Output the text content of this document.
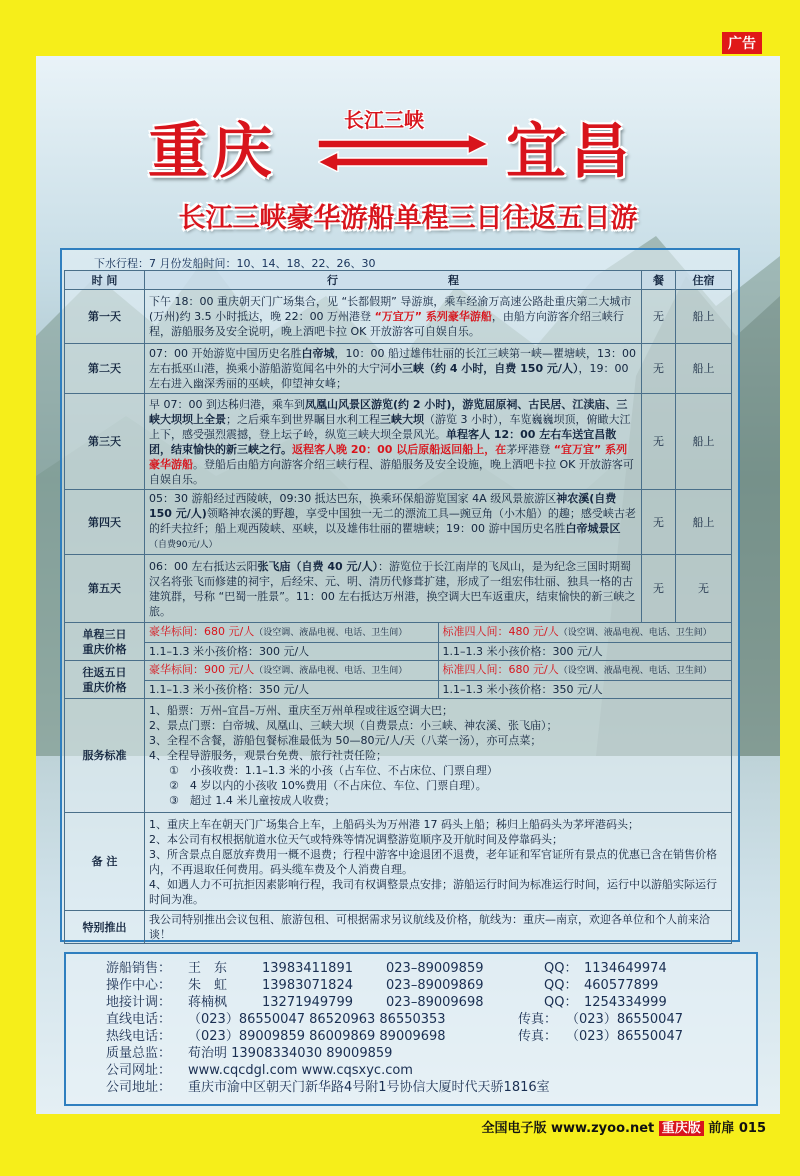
广告
重庆	长江三峡 宜昌
长江三峡豪华游船单程三日往返五日游
下水行程：7 月份发船时间：10、14、18、22、26、30
时 间	行　　　　　　　　　　程	餐	住宿
第一天	下午 18：00 重庆朝天门广场集合，见 “长都假期” 导游旗，乘车经渝万高速公路赴重庆第二大城市(万州)约 3.5 小时抵达，晚 22：00 万州港登 “万宜万” 系列豪华游船，由船方向游客介绍三峡行程，游船服务及安全说明，晚上酒吧卡拉 OK 开放游客可自娱自乐。	无	船上
第二天	07：00 开始游览中国历史名胜白帝城，10：00 船过雄伟壮丽的长江三峡第一峡—瞿塘峡，13：00 左右抵巫山港，换乘小游船游览闻名中外的大宁河小三峡（约 4 小时，自费 150 元/人），19：00 左右进入幽深秀丽的巫峡，仰望神女峰；	无	船上
第三天	早 07：00 到达秭归港，乘车到凤凰山风景区游览(约 2 小时)，游览屈原祠、古民居、江渎庙、三峡大坝坝上全景；之后乘车到世界瞩目水利工程三峡大坝（游览 3 小时），车览巍巍坝顶，俯瞰大江上下，感受强烈震撼，登上坛子岭，纵览三峡大坝全景风光。单程客人 12：00 左右车送宜昌散团，结束愉快的新三峡之行。返程客人晚 20：00 以后原船返回船上，在茅坪港登 “宜万宜” 系列豪华游船。登船后由船方向游客介绍三峡行程、游船服务及安全设施，晚上酒吧卡拉 OK 开放游客可自娱自乐。	无	船上
第四天	05：30 游船经过西陵峡，09:30 抵达巴东，换乘环保船游览国家 4A 级风景旅游区神农溪(自费 150 元/人)领略神农溪的野趣，享受中国独一无二的漂流工具—豌豆角（小木船）的趣；感受峡古老的纤夫拉纤；船上观西陵峡、巫峡，以及雄伟壮丽的瞿塘峡；19：00 游中国历史名胜白帝城景区（自费90元/人）	无	船上
第五天	06：00 左右抵达云阳张飞庙（自费 40 元/人）：游览位于长江南岸的飞凤山，是为纪念三国时期蜀汉名将张飞而修建的祠宇，后经宋、元、明、清历代修葺扩建，形成了一组宏伟壮丽、独具一格的古建筑群，号称 “巴蜀一胜景”。11：00 左右抵达万州港，换空调大巴车返重庆，结束愉快的新三峡之旅。	无	无
单程三日
重庆价格	
豪华标间：680 元/人（设空调、液晶电视、电话、卫生间）	标准四人间：480 元/人（设空调、液晶电视、电话、卫生间）
1.1–1.3 米小孩价格：300 元/人	1.1–1.3 米小孩价格：300 元/人

往返五日
重庆价格	
豪华标间：900 元/人（设空调、液晶电视、电话、卫生间）	标准四人间：680 元/人（设空调、液晶电视、电话、卫生间）
1.1–1.3 米小孩价格：350 元/人	1.1–1.3 米小孩价格：350 元/人

服务标准	
1、船票：万州–宜昌–万州、重庆至万州单程或往返空调大巴；
2、景点门票：白帝城、凤凰山、三峡大坝（自费景点：小三峡、神农溪、张飞庙）；
3、全程不含餐，游船包餐标准最低为 50—80元/人/天（八菜一汤），亦可点菜；
4、全程导游服务，观景台免费、旅行社责任险；
①　小孩收费：1.1–1.3 米的小孩（占车位、不占床位、门票自理）
②　4 岁以内的小孩收 10%费用（不占床位、车位、门票自理）。
③　超过 1.4 米儿童按成人收费；

备 注	
1、重庆上车在朝天门广场集合上车，上船码头为万州港 17 码头上船；秭归上船码头为茅坪港码头；
2、本公司有权根据航道水位天气或特殊等情况调整游览顺序及开航时间及停靠码头；
3、所含景点自愿放弃费用一概不退费；行程中游客中途退团不退费，老年证和军官证所有景点的优惠已含在销售价格内，不再退取任何费用。码头缆车费及个人消费自理。
4、如遇人力不可抗拒因素影响行程，我司有权调整景点安排；游船运行时间为标准运行时间，运行中以游船实际运行时间为准。

特别推出	我公司特别推出会议包租、旅游包租、可根据需求另议航线及价格，航线为：重庆—南京，欢迎各单位和个人前来洽谈！
游船销售： 王　东	13983411891	023–89009859	QQ： 1134649974
操作中心： 朱　虹	13983071824	023–89009869	QQ： 460577899
地接计调： 蒋楠枫	13271949799	023–89009698	QQ： 1254334999
直线电话： （023）86550047 86520963 86550353	传真： （023）86550047
热线电话： （023）89009859 86009869 89009698	传真： （023）86550047
质量总监： 荀治明 13908334030 89009859
公司网址： www.cqcdgl.com www.cqsxyc.com
公司地址： 重庆市渝中区朝天门新华路4号附1号协信大厦时代天骄1816室
全国电子版 www.zyoo.net 重庆版 前扉 015
